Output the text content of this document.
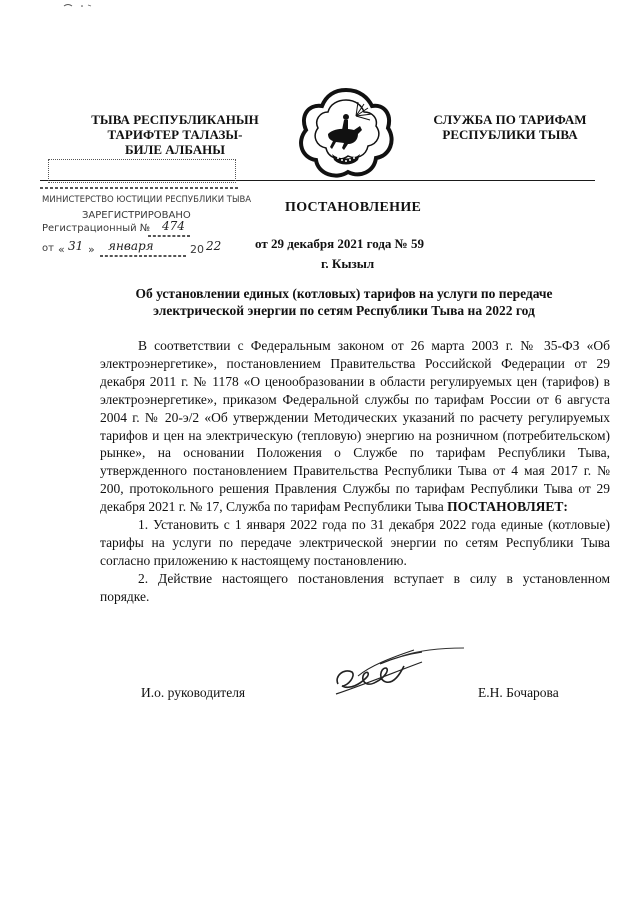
ТЫВА РЕСПУБЛИКАНЫН
ТАРИФТЕР ТАЛАЗЫ-
БИЛЕ АЛБАНЫ
СЛУЖБА ПО ТАРИФАМ
РЕСПУБЛИКИ ТЫВА
МИНИСТЕРСТВО ЮСТИЦИИ РЕСПУБЛИКИ ТЫВА
ЗАРЕГИСТРИРОВАНО
Регистрационный № 474
от « 31 » января	20 22
ПОСТАНОВЛЕНИЕ
от 29 декабря 2021 года № 59
г. Кызыл
Об установлении единых (котловых) тарифов на услуги по передаче электрической энергии по сетям Республики Тыва на 2022 год

В соответствии с Федеральным законом от 26 марта 2003 г. № 35-ФЗ «Об электроэнергетике», постановлением Правительства Российской Федерации от 29 декабря 2011 г. № 1178 «О ценообразовании в области регулируемых цен (тарифов) в электроэнергетике», приказом Федеральной службы по тарифам России от 6 августа 2004 г. № 20-э/2 «Об утверждении Методических указаний по расчету регулируемых тарифов и цен на электрическую (тепловую) энергию на розничном (потребительском) рынке», на основании Положения о Службе по тарифам Республики Тыва, утвержденного постановлением Правительства Республики Тыва от 4 мая 2017 г. № 200, протокольного решения Правления Службы по тарифам Республики Тыва от 29 декабря 2021 г. № 17, Служба по тарифам Республики Тыва ПОСТАНОВЛЯЕТ:

1. Установить с 1 января 2022 года по 31 декабря 2022 года единые (котловые) тарифы на услуги по передаче электрической энергии по сетям Республики Тыва согласно приложению к настоящему постановлению.

2. Действие настоящего постановления вступает в силу в установленном порядке.

И.о. руководителя	Е.Н. Бочарова
